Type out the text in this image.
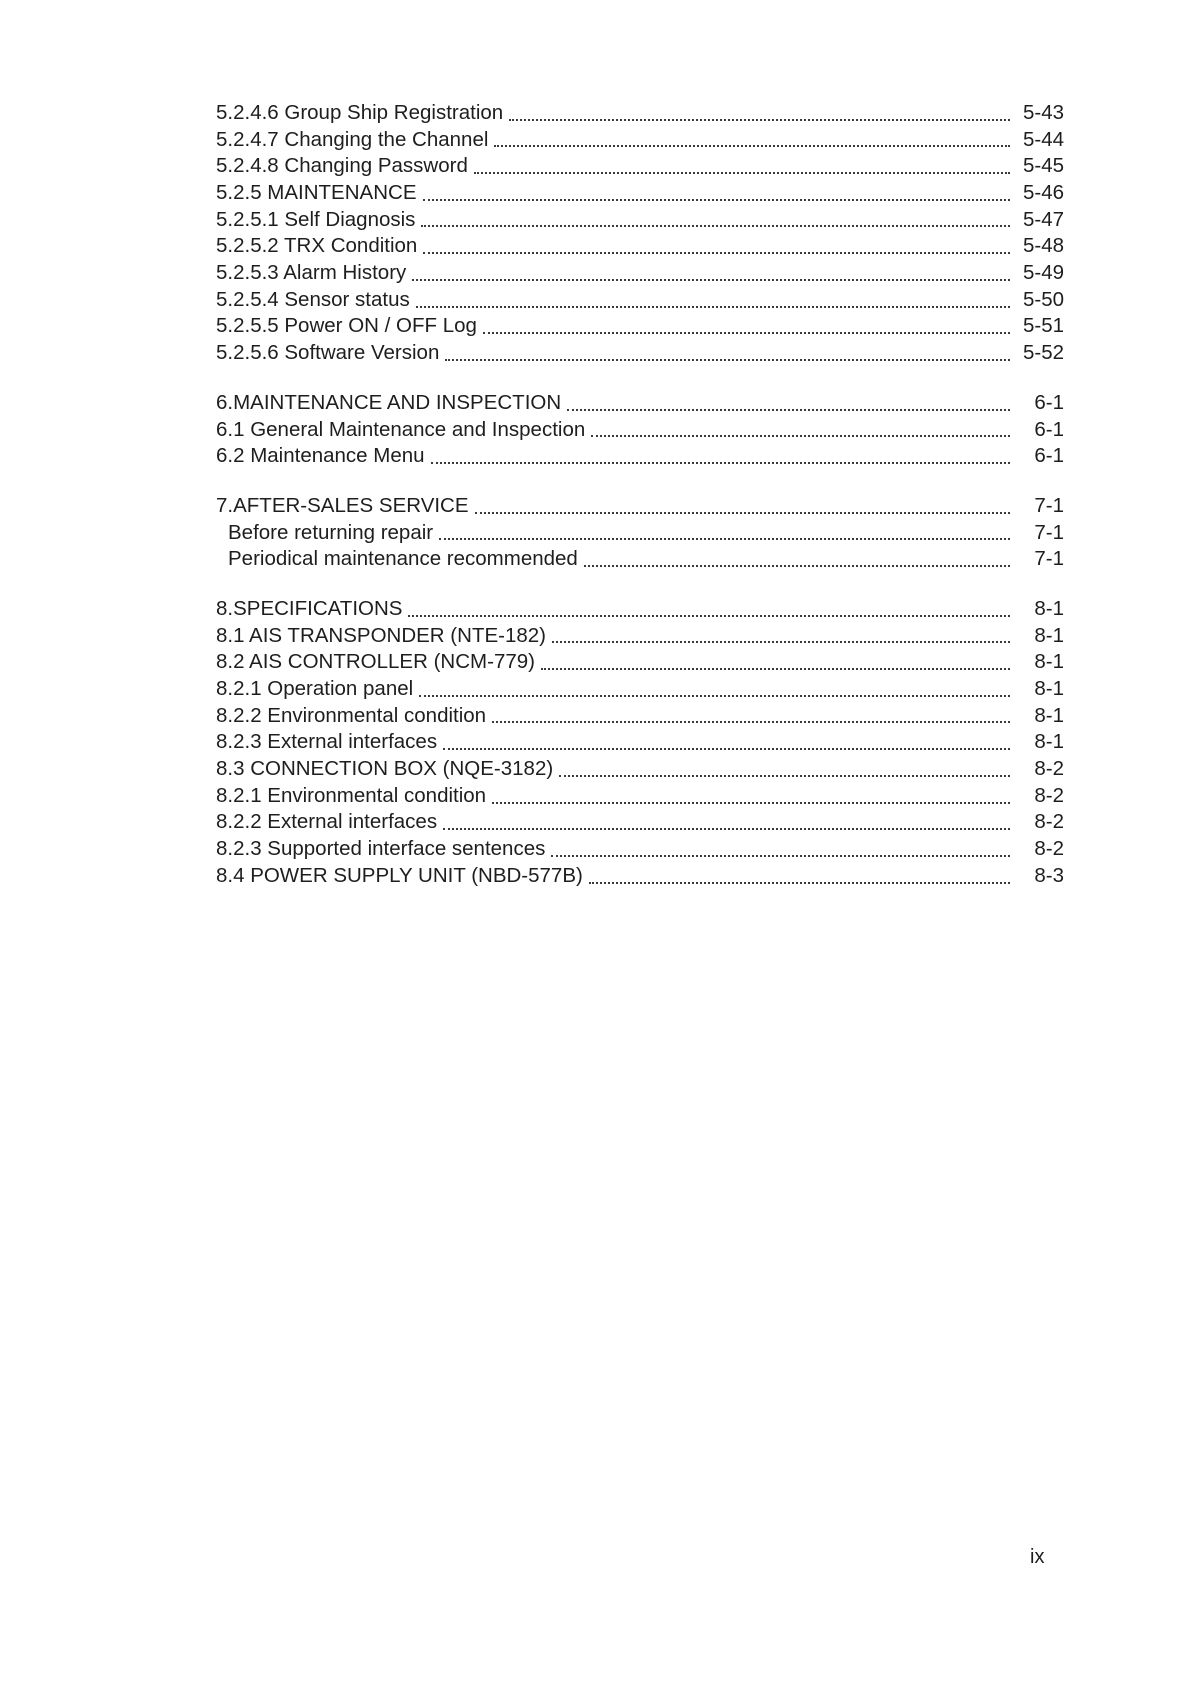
5.2.4.6 Group Ship Registration	5-43
5.2.4.7 Changing the Channel	5-44
5.2.4.8 Changing Password	5-45
5.2.5 MAINTENANCE	5-46
5.2.5.1 Self Diagnosis	5-47
5.2.5.2 TRX Condition	5-48
5.2.5.3 Alarm History	5-49
5.2.5.4 Sensor status	5-50
5.2.5.5 Power ON / OFF Log	5-51
5.2.5.6 Software Version	5-52
6.MAINTENANCE AND INSPECTION	6-1
6.1 General Maintenance and Inspection	6-1
6.2 Maintenance Menu	6-1
7.AFTER-SALES SERVICE	7-1
Before returning repair	7-1
Periodical maintenance recommended	7-1
8.SPECIFICATIONS	8-1
8.1 AIS TRANSPONDER (NTE-182)	8-1
8.2 AIS CONTROLLER (NCM-779)	8-1
8.2.1 Operation panel	8-1
8.2.2 Environmental condition	8-1
8.2.3 External interfaces	8-1
8.3 CONNECTION BOX (NQE-3182)	8-2
8.2.1 Environmental condition	8-2
8.2.2 External interfaces	8-2
8.2.3 Supported interface sentences	8-2
8.4 POWER SUPPLY UNIT (NBD-577B)	8-3
ix
